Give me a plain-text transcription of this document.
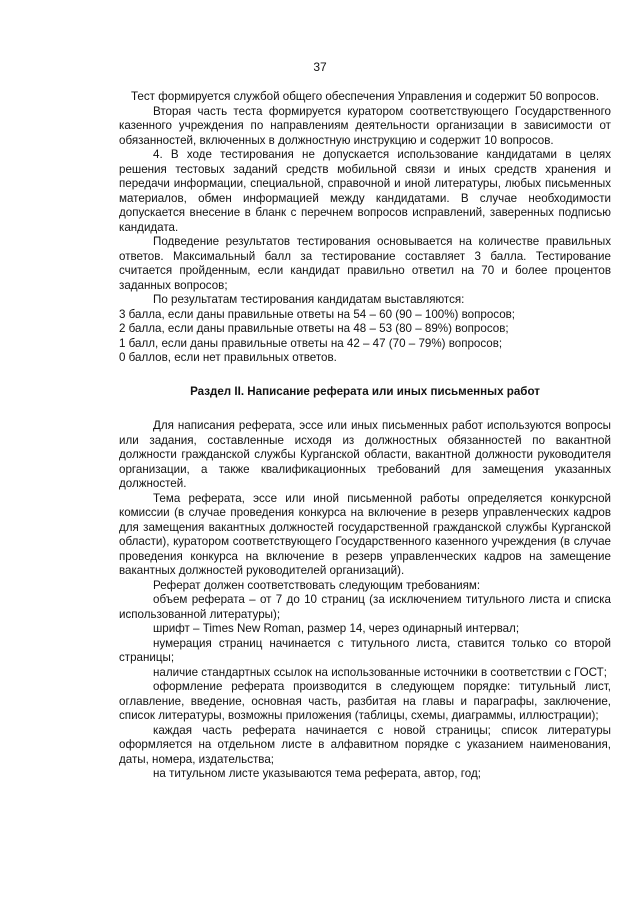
37

Тест формируется службой общего обеспечения Управления и содержит 50 вопросов.

Вторая часть теста формируется куратором соответствующего Государственного казенного учреждения по направлениям деятельности организации в зависимости от обязанностей, включенных в должностную инструкцию и содержит 10 вопросов.

4. В ходе тестирования не допускается использование кандидатами в целях решения тестовых заданий средств мобильной связи и иных средств хранения и передачи информации, специальной, справочной и иной литературы, любых письменных материалов, обмен информацией между кандидатами. В случае необходимости допускается внесение в бланк с перечнем вопросов исправлений, заверенных подписью кандидата.

Подведение результатов тестирования основывается на количестве правильных ответов. Максимальный балл за тестирование составляет 3 балла. Тестирование считается пройденным, если кандидат правильно ответил на 70 и более процентов заданных вопросов;

По результатам тестирования кандидатам выставляются:

3 балла, если даны правильные ответы на 54 – 60 (90 – 100%) вопросов;

2 балла, если даны правильные ответы на 48 – 53 (80 – 89%) вопросов;

1 балл, если даны правильные ответы на 42 – 47 (70 – 79%) вопросов;

0 баллов, если нет правильных ответов.

Раздел II. Написание реферата или иных письменных работ

Для написания реферата, эссе или иных письменных работ используются вопросы или задания, составленные исходя из должностных обязанностей по вакантной должности гражданской службы Курганской области, вакантной должности руководителя организации, а также квалификационных требований для замещения указанных должностей.

Тема реферата, эссе или иной письменной работы определяется конкурсной комиссии (в случае проведения конкурса на включение в резерв управленческих кадров для замещения вакантных должностей государственной гражданской службы Курганской области), куратором соответствующего Государственного казенного учреждения (в случае проведения конкурса на включение в резерв управленческих кадров на замещение вакантных должностей руководителей организаций).

Реферат должен соответствовать следующим требованиям:

объем реферата – от 7 до 10 страниц (за исключением титульного листа и списка использованной литературы);

шрифт – Times New Roman, размер 14, через одинарный интервал;

нумерация страниц начинается с титульного листа, ставится только со второй страницы;

наличие стандартных ссылок на использованные источники в соответствии с ГОСТ;

оформление реферата производится в следующем порядке: титульный лист, оглавление, введение, основная часть, разбитая на главы и параграфы, заключение, список литературы, возможны приложения (таблицы, схемы, диаграммы, иллюстрации);

каждая часть реферата начинается с новой страницы; список литературы оформляется на отдельном листе в алфавитном порядке с указанием наименования, даты, номера, издательства;

на титульном листе указываются тема реферата, автор, год;
